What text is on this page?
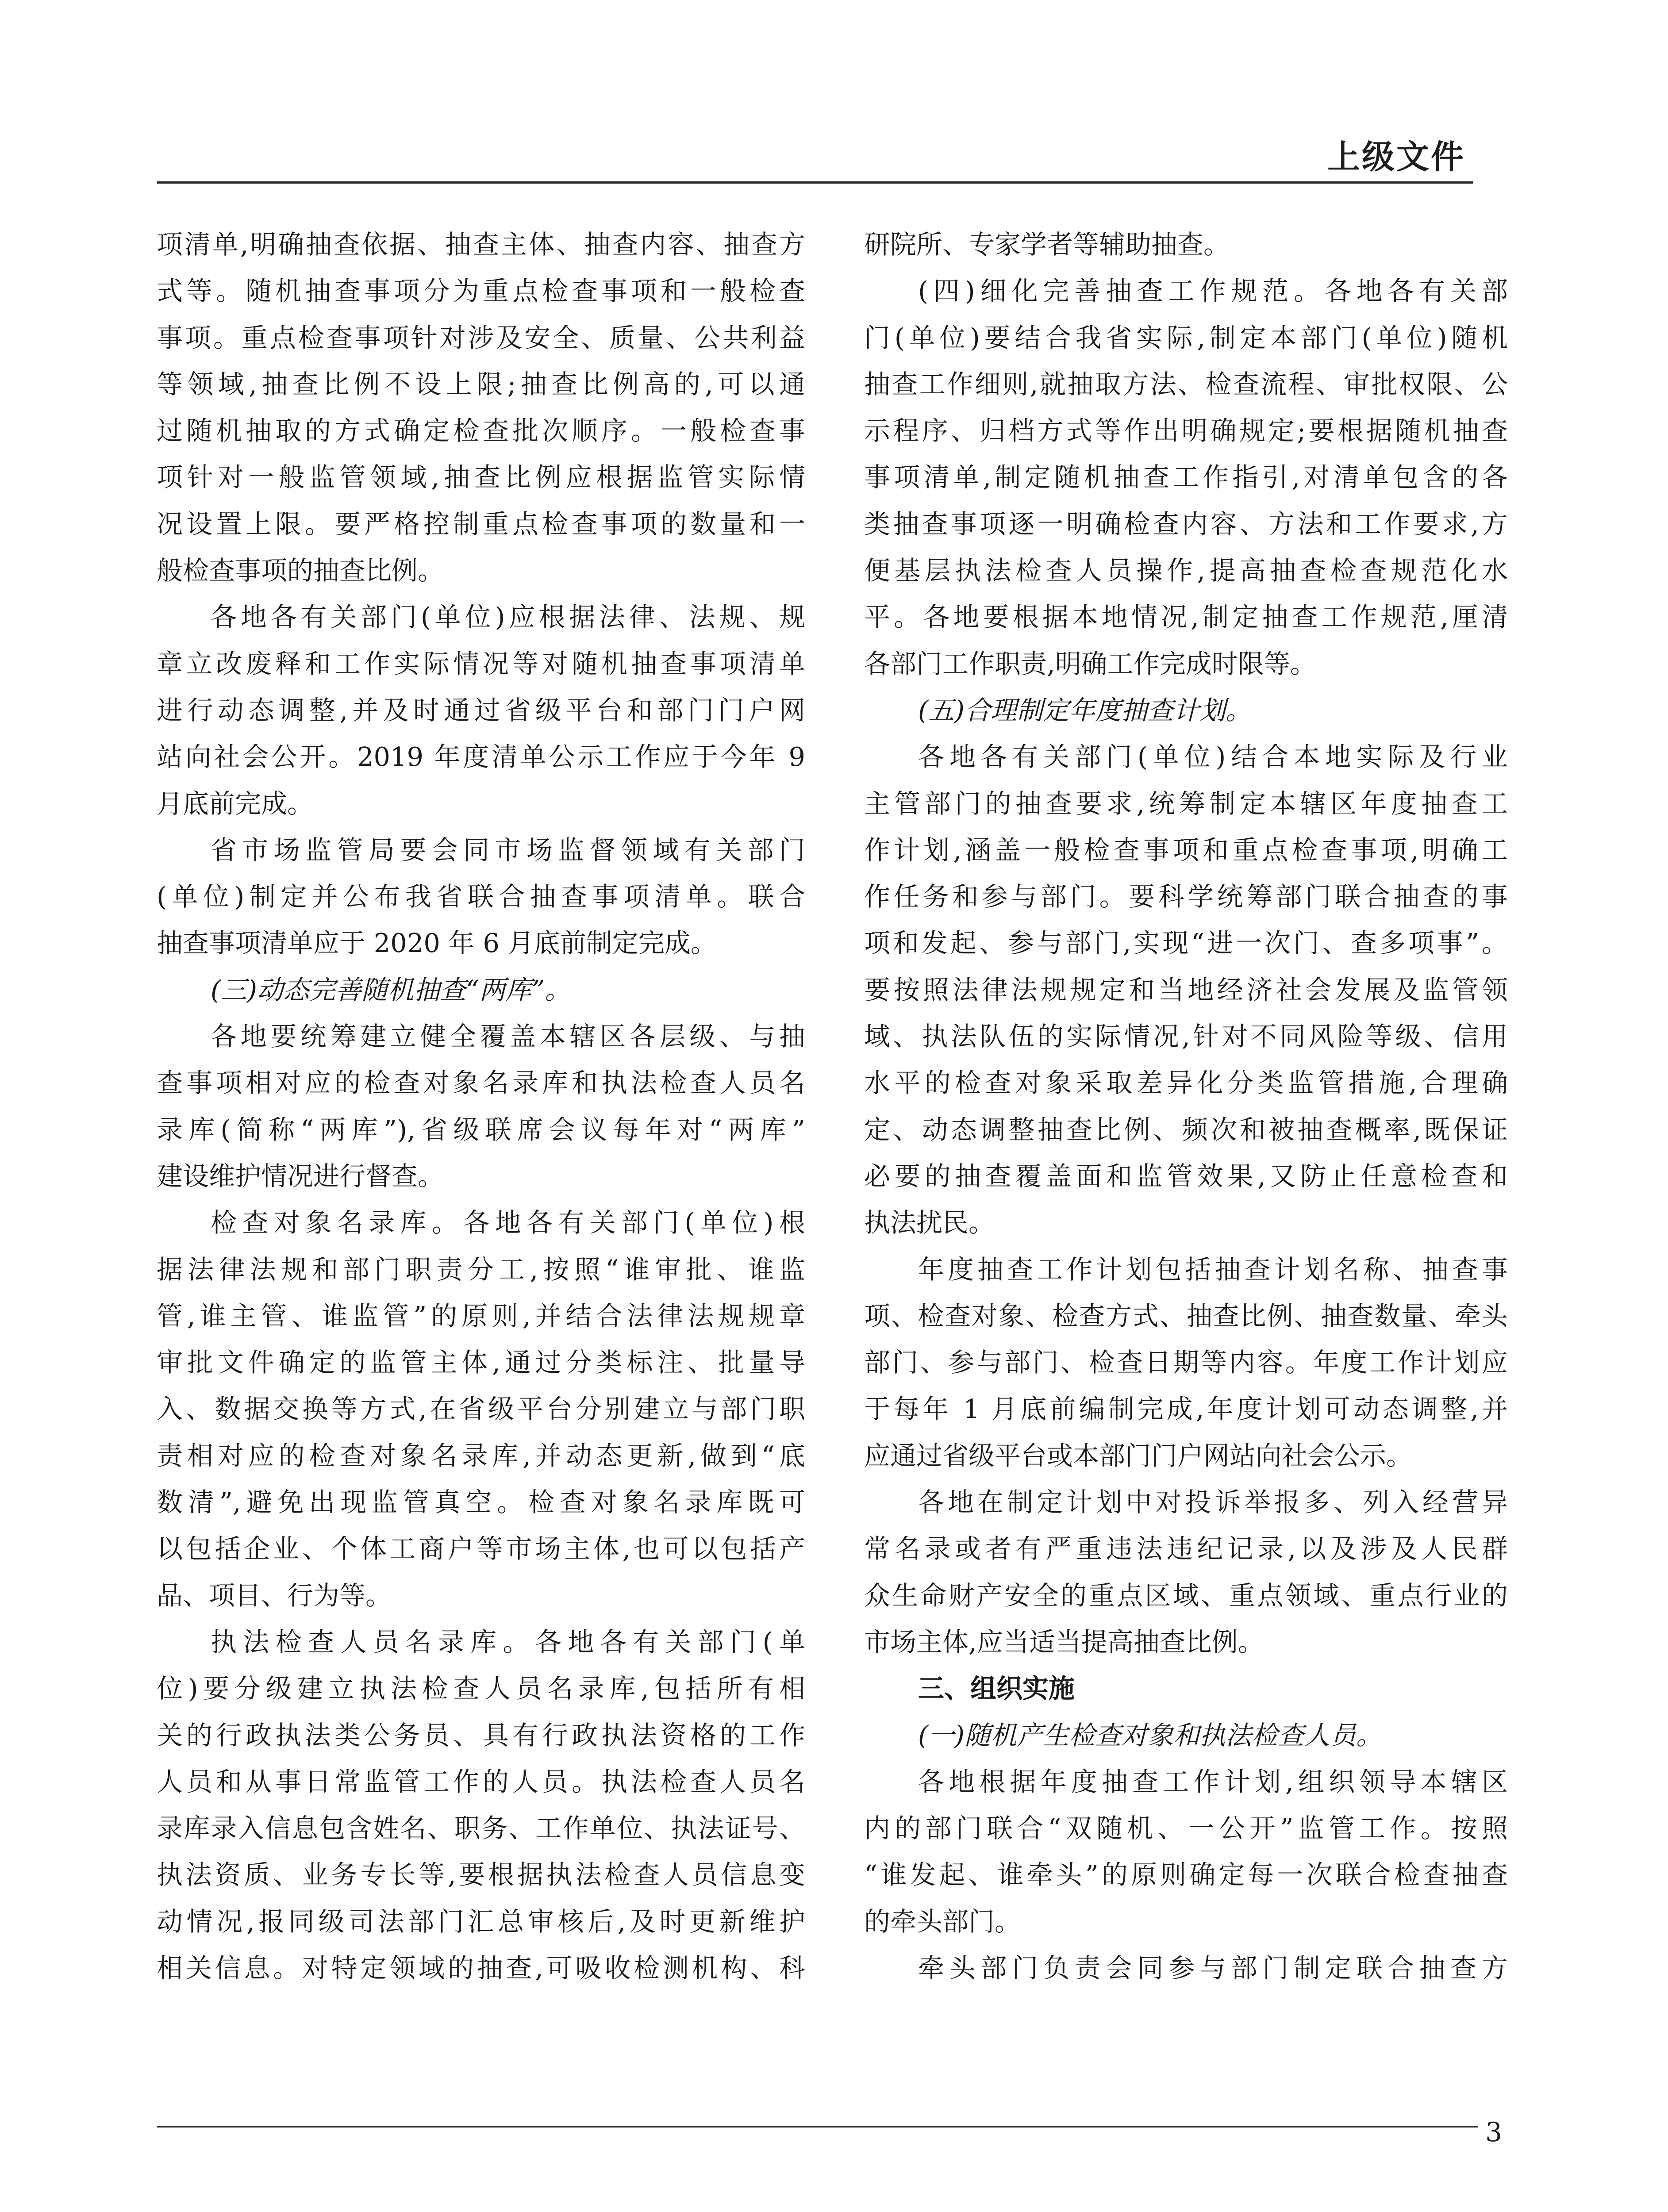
上级文件
项清单,明确抽查依据、抽查主体、抽查内容、抽查方
式等。随机抽查事项分为重点检查事项和一般检查
事项。重点检查事项针对涉及安全、质量、公共利益
等领域,抽查比例不设上限;抽查比例高的,可以通
过随机抽取的方式确定检查批次顺序。一般检查事
项针对一般监管领域,抽查比例应根据监管实际情
况设置上限。要严格控制重点检查事项的数量和一
般检查事项的抽查比例。
各地各有关部门(单位)应根据法律、法规、规
章立改废释和工作实际情况等对随机抽查事项清单
进行动态调整,并及时通过省级平台和部门门户网
站向社会公开。2019 年度清单公示工作应于今年 9
月底前完成。
省市场监管局要会同市场监督领域有关部门
(单位)制定并公布我省联合抽查事项清单。联合
抽查事项清单应于 2020 年 6 月底前制定完成。
(三)动态完善随机抽查“两库”。
各地要统筹建立健全覆盖本辖区各层级、与抽
查事项相对应的检查对象名录库和执法检查人员名
录库(简称“两库”),省级联席会议每年对“两库”
建设维护情况进行督查。
检查对象名录库。各地各有关部门(单位)根
据法律法规和部门职责分工,按照“谁审批、谁监
管,谁主管、谁监管”的原则,并结合法律法规规章
审批文件确定的监管主体,通过分类标注、批量导
入、数据交换等方式,在省级平台分别建立与部门职
责相对应的检查对象名录库,并动态更新,做到“底
数清”,避免出现监管真空。检查对象名录库既可
以包括企业、个体工商户等市场主体,也可以包括产
品、项目、行为等。
执法检查人员名录库。各地各有关部门(单
位)要分级建立执法检查人员名录库,包括所有相
关的行政执法类公务员、具有行政执法资格的工作
人员和从事日常监管工作的人员。执法检查人员名
录库录入信息包含姓名、职务、工作单位、执法证号、
执法资质、业务专长等,要根据执法检查人员信息变
动情况,报同级司法部门汇总审核后,及时更新维护
相关信息。对特定领域的抽查,可吸收检测机构、科
研院所、专家学者等辅助抽查。
(四)细化完善抽查工作规范。各地各有关部
门(单位)要结合我省实际,制定本部门(单位)随机
抽查工作细则,就抽取方法、检查流程、审批权限、公
示程序、归档方式等作出明确规定;要根据随机抽查
事项清单,制定随机抽查工作指引,对清单包含的各
类抽查事项逐一明确检查内容、方法和工作要求,方
便基层执法检查人员操作,提高抽查检查规范化水
平。各地要根据本地情况,制定抽查工作规范,厘清
各部门工作职责,明确工作完成时限等。
(五)合理制定年度抽查计划。
各地各有关部门(单位)结合本地实际及行业
主管部门的抽查要求,统筹制定本辖区年度抽查工
作计划,涵盖一般检查事项和重点检查事项,明确工
作任务和参与部门。要科学统筹部门联合抽查的事
项和发起、参与部门,实现“进一次门、查多项事”。
要按照法律法规规定和当地经济社会发展及监管领
域、执法队伍的实际情况,针对不同风险等级、信用
水平的检查对象采取差异化分类监管措施,合理确
定、动态调整抽查比例、频次和被抽查概率,既保证
必要的抽查覆盖面和监管效果,又防止任意检查和
执法扰民。
年度抽查工作计划包括抽查计划名称、抽查事
项、检查对象、检查方式、抽查比例、抽查数量、牵头
部门、参与部门、检查日期等内容。年度工作计划应
于每年 1 月底前编制完成,年度计划可动态调整,并
应通过省级平台或本部门门户网站向社会公示。
各地在制定计划中对投诉举报多、列入经营异
常名录或者有严重违法违纪记录,以及涉及人民群
众生命财产安全的重点区域、重点领域、重点行业的
市场主体,应当适当提高抽查比例。
三、组织实施
(一)随机产生检查对象和执法检查人员。
各地根据年度抽查工作计划,组织领导本辖区
内的部门联合“双随机、一公开”监管工作。按照
“谁发起、谁牵头”的原则确定每一次联合检查抽查
的牵头部门。
牵头部门负责会同参与部门制定联合抽查方
3
